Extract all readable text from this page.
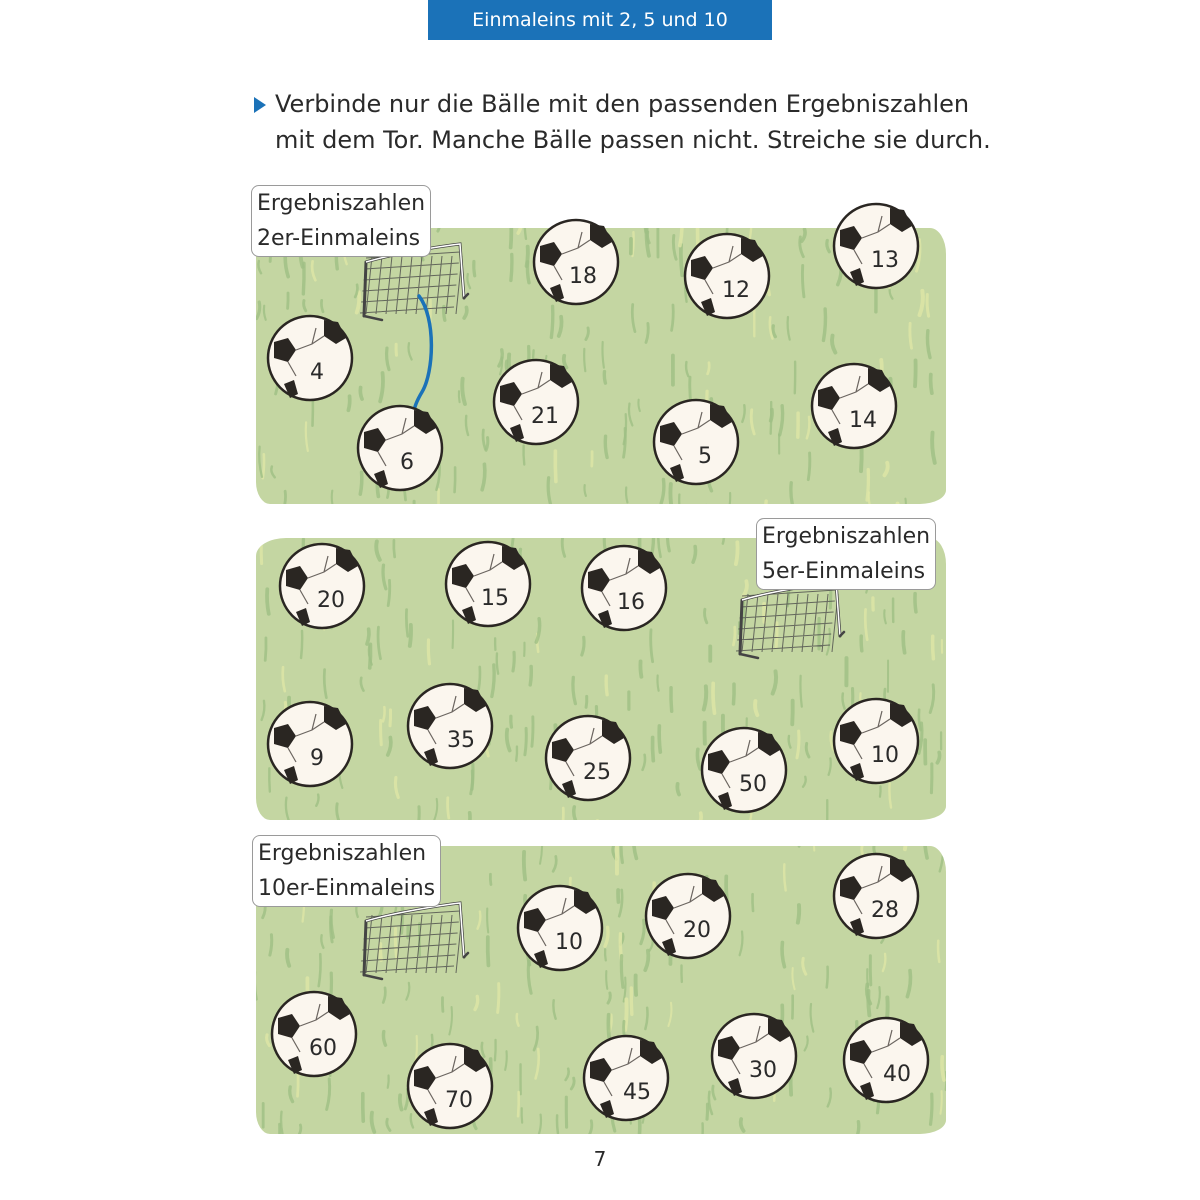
Einmaleins mit 2, 5 und 10
Verbinde nur die Bälle mit den passenden Ergebniszahlen
mit dem Tor. Manche Bälle passen nicht. Streiche sie durch.
Ergebniszahlen
2er-Einmaleins
Ergebniszahlen
5er-Einmaleins
Ergebniszahlen
10er-Einmaleins
18
12
13
4
6
21
5
14
20	15	16
9
35
25	50
10
10	20
28
60
70	45
30	40
7
